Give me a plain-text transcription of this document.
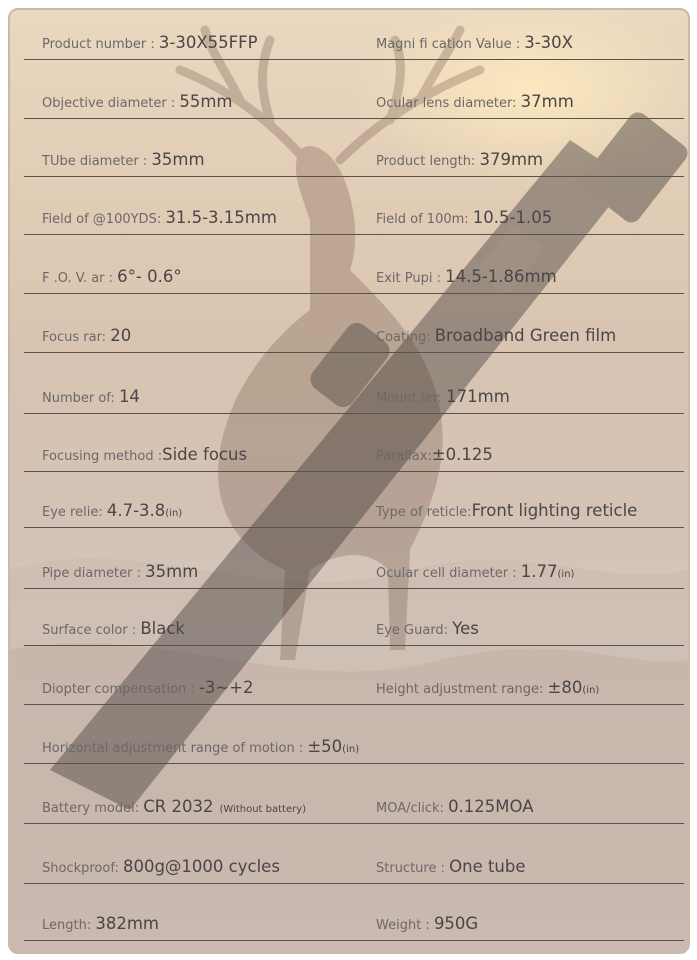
Product number : 3-30X55FFP	Magni fi cation Value : 3-30X
Objective diameter : 55mm	Ocular lens diameter: 37mm
TUbe diameter : 35mm	Product length: 379mm
Field of @100YDS: 31.5-3.15mm	Field of 100m: 10.5-1.05
F .O. V. ar : 6°- 0.6°	Exit Pupi : 14.5-1.86mm
Focus rar: 20	Coating: Broadband Green film
Number of: 14	Mount ler: 171mm
Focusing method :Side focus	Parallax:±0.125
Eye relie: 4.7-3.8(in)	Type of reticle:Front lighting reticle
Pipe diameter : 35mm	Ocular cell diameter : 1.77(in)
Surface color : Black	Eye Guard: Yes
Diopter compensation : -3~+2	Height adjustment range: ±80(in)
Horizontal adjustment range of motion : ±50(in)
Battery model: CR 2032 (Without battery)	MOA/click: 0.125MOA
Shockproof: 800g@1000 cycles	Structure : One tube
Length: 382mm	Weight : 950G
